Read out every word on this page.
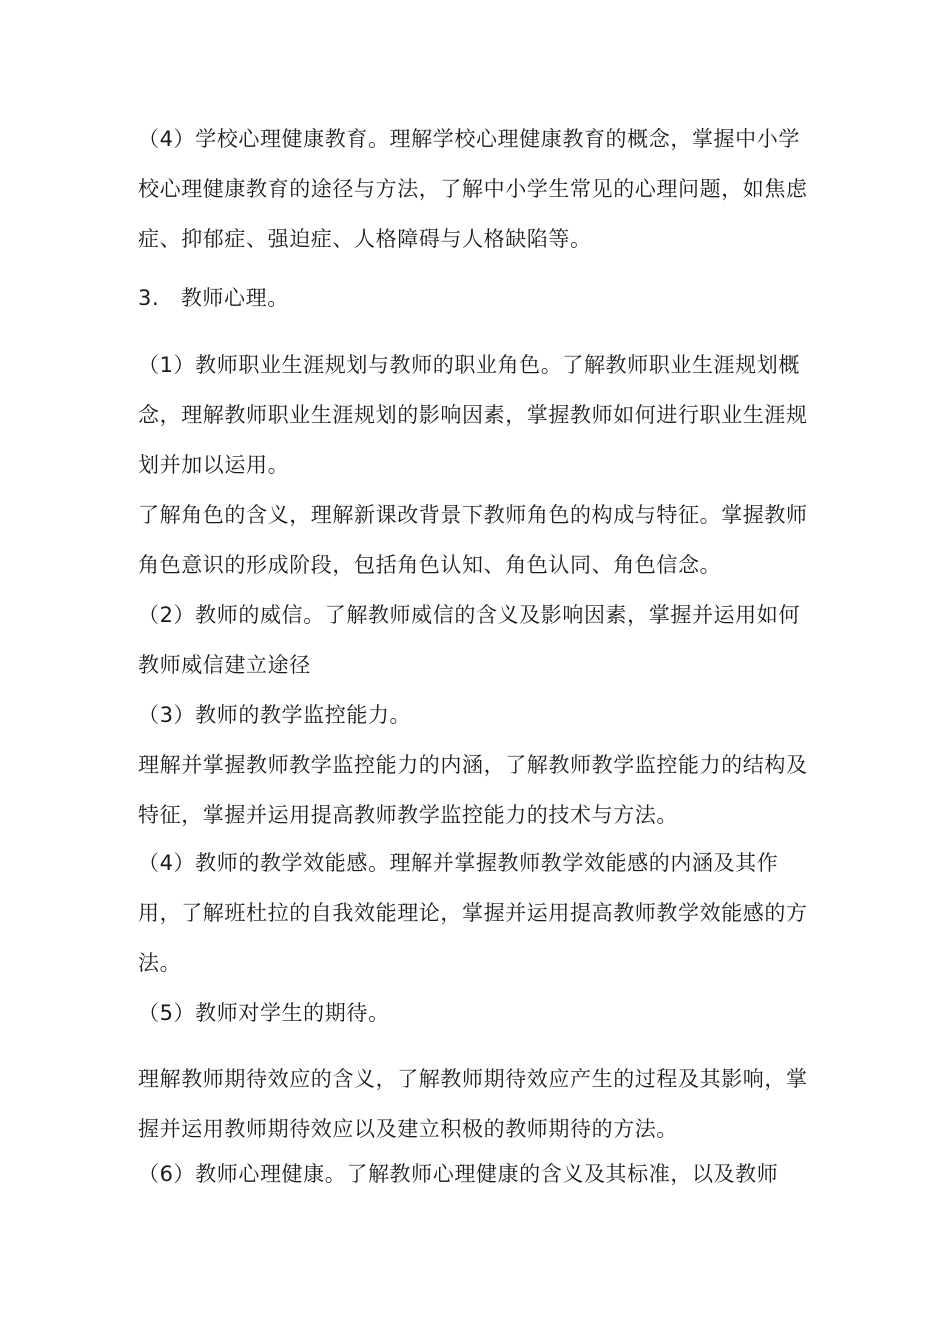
（4）学校心理健康教育。理解学校心理健康教育的概念，掌握中小学校心理健康教育的途径与方法，了解中小学生常见的心理问题，如焦虑症、抑郁症、强迫症、人格障碍与人格缺陷等。
3.　教师心理。
（1）教师职业生涯规划与教师的职业角色。了解教师职业生涯规划概念，理解教师职业生涯规划的影响因素，掌握教师如何进行职业生涯规划并加以运用。
了解角色的含义，理解新课改背景下教师角色的构成与特征。掌握教师角色意识的形成阶段，包括角色认知、角色认同、角色信念。
（2）教师的威信。了解教师威信的含义及影响因素，掌握并运用如何教师威信建立途径
（3）教师的教学监控能力。
理解并掌握教师教学监控能力的内涵，了解教师教学监控能力的结构及特征，掌握并运用提高教师教学监控能力的技术与方法。
（4）教师的教学效能感。理解并掌握教师教学效能感的内涵及其作用，了解班杜拉的自我效能理论，掌握并运用提高教师教学效能感的方法。
（5）教师对学生的期待。
理解教师期待效应的含义，了解教师期待效应产生的过程及其影响，掌握并运用教师期待效应以及建立积极的教师期待的方法。
（6）教师心理健康。了解教师心理健康的含义及其标准，以及教师
